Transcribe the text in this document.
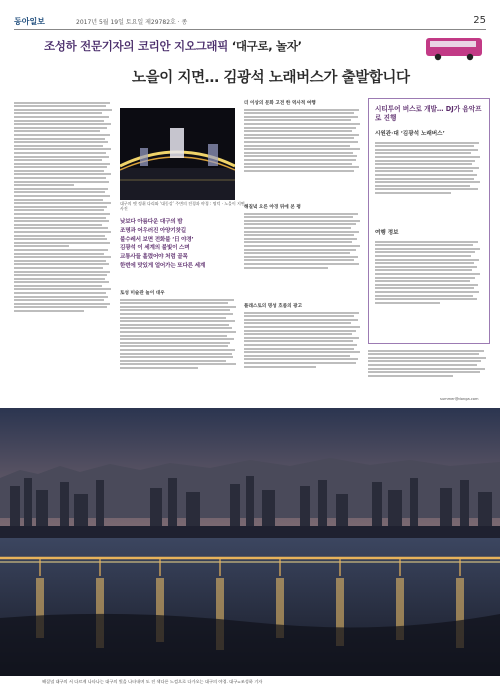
동아일보	2017년 5월 19일 토요일 제29782호 · 종	25
조성하 전문기자의 코리안 지오그래픽 ‘대구로, 놀자’
노을이 지면… 김광석 노래버스가 출발합니다
대구의 옛 정취 다리와 ‘대동강’ 주변의 전경과 야경 : 명덕 · 노을이 지면 사진
낮보다 아름다운 대구의 밤
조명과 어우러진 아양기찻길
불수레서 보면 전화불 ‘日 야경’
김광석 이 세계의 불빛이 스며
교통사들 흘렸어야 처럼 골목
한번에 맛있게 얼어가는 또다른 세계
토성 미술관 놀이 대우
더 이상의 문화 고전 한 역사적 여행
해질녘 오른 야경 뒤에 본 평
플래스토의 명성 흐름의 광고
시티투어 버스로 개발… DJ가 음악프로 진행
시원관·대 ‘김광석 노래버스’
여행 정보
summer@donga.com
해질녘 대구의 서 다르게 나타나는 대구의 빛을 나타내며 도 진 색다른 느낌으로 다가오는 대구의 야경. 대구=조성하 기자
